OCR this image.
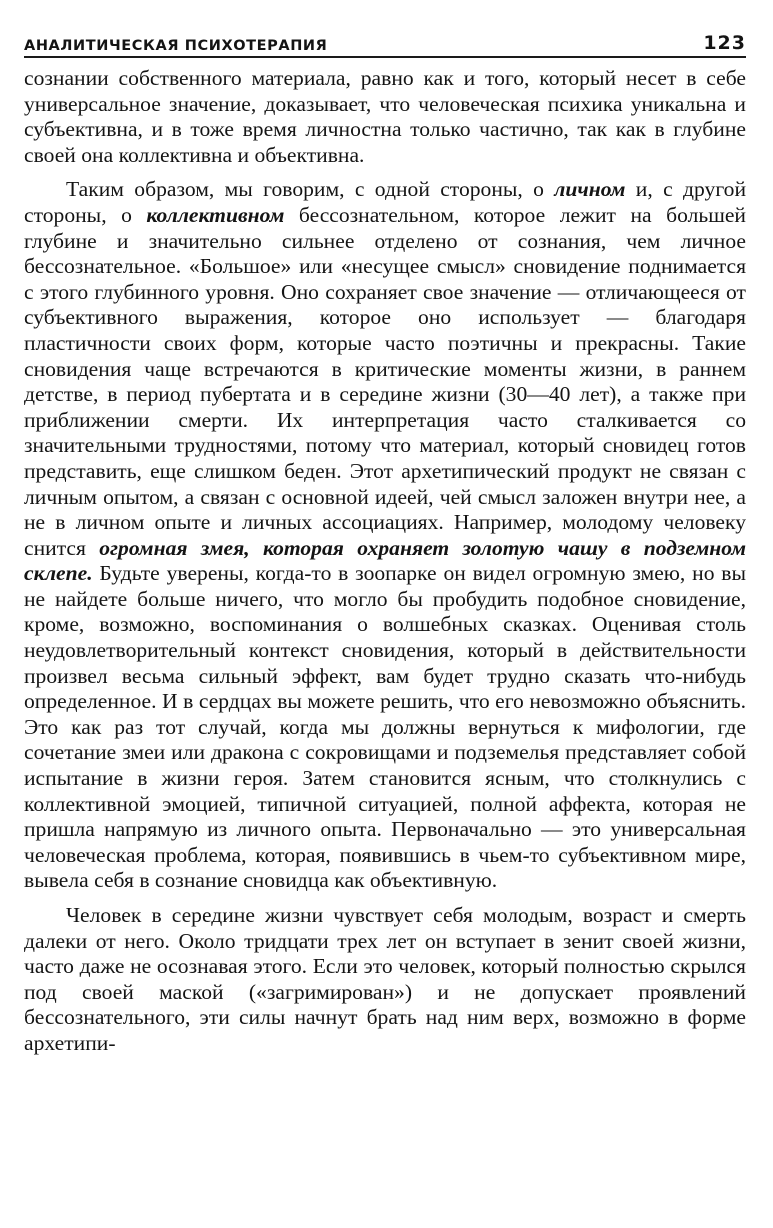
АНАЛИТИЧЕСКАЯ ПСИХОТЕРАПИЯ	123

сознании собственного материала, равно как и того, который несет в себе универсальное значение, доказывает, что человеческая психика уникальна и субъективна, и в тоже время личностна только частично, так как в глубине своей она коллективна и объективна.

Таким образом, мы говорим, с одной стороны, о личном и, с другой стороны, о коллективном бессознательном, которое лежит на большей глубине и значительно сильнее отделено от сознания, чем личное бессознательное. «Большое» или «несущее смысл» сновидение поднимается с этого глубинного уровня. Оно сохраняет свое значение — отличающееся от субъективного выражения, которое оно использует — благодаря пластичности своих форм, которые часто поэтичны и прекрасны. Такие сновидения чаще встречаются в критические моменты жизни, в раннем детстве, в период пубертата и в середине жизни (30—40 лет), а также при приближении смерти. Их интерпретация часто сталкивается со значительными трудностями, потому что материал, который сновидец готов представить, еще слишком беден. Этот архетипический продукт не связан с личным опытом, а связан с основной идеей, чей смысл заложен внутри нее, а не в личном опыте и личных ассоциациях. Например, молодому человеку снится огромная змея, которая охраняет золотую чашу в подземном склепе. Будьте уверены, когда-то в зоопарке он видел огромную змею, но вы не найдете больше ничего, что могло бы пробудить подобное сновидение, кроме, возможно, воспоминания о волшебных сказках. Оценивая столь неудовлетворительный контекст сновидения, который в действительности произвел весьма сильный эффект, вам будет трудно сказать что-нибудь определенное. И в сердцах вы можете решить, что его невозможно объяснить. Это как раз тот случай, когда мы должны вернуться к мифологии, где сочетание змеи или дракона с сокровищами и подземелья представляет собой испытание в жизни героя. Затем становится ясным, что столкнулись с коллективной эмоцией, типичной ситуацией, полной аффекта, которая не пришла напрямую из личного опыта. Первоначально — это универсальная человеческая проблема, которая, появившись в чьем-то субъективном мире, вывела себя в сознание сновидца как объективную.

Человек в середине жизни чувствует себя молодым, возраст и смерть далеки от него. Около тридцати трех лет он вступает в зенит своей жизни, часто даже не осознавая этого. Если это человек, который полностью скрылся под своей маской («загримирован») и не допускает проявлений бессознательного, эти силы начнут брать над ним верх, возможно в форме архетипи-
